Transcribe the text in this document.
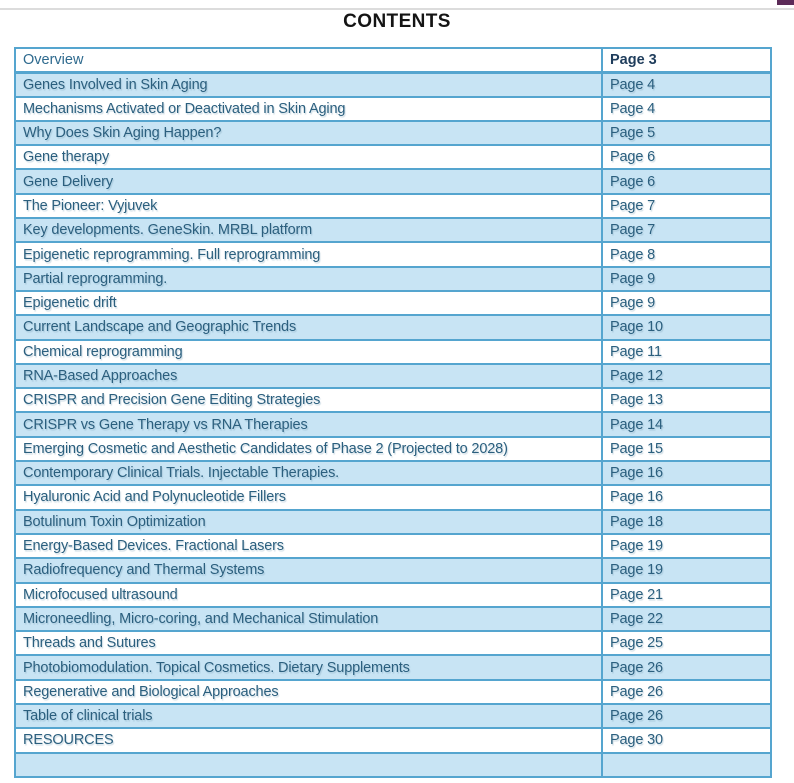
CONTENTS
Overview	Page 3
Genes Involved in Skin Aging	Page 4
Mechanisms Activated or Deactivated in Skin Aging	Page 4
Why Does Skin Aging Happen?	Page 5
Gene therapy	Page 6
Gene Delivery	Page 6
The Pioneer: Vyjuvek	Page 7
Key developments. GeneSkin. MRBL platform	Page 7
Epigenetic reprogramming. Full reprogramming	Page 8
Partial reprogramming.	Page 9
Epigenetic drift	Page 9
Current Landscape and Geographic Trends	Page 10
Chemical reprogramming	Page 11
RNA-Based Approaches	Page 12
CRISPR and Precision Gene Editing Strategies	Page 13
CRISPR vs Gene Therapy vs RNA Therapies	Page 14
Emerging Cosmetic and Aesthetic Candidates of Phase 2 (Projected to 2028)	Page 15
Contemporary Clinical Trials. Injectable Therapies.	Page 16
Hyaluronic Acid and Polynucleotide Fillers	Page 16
Botulinum Toxin Optimization	Page 18
Energy-Based Devices. Fractional Lasers	Page 19
Radiofrequency and Thermal Systems	Page 19
Microfocused ultrasound	Page 21
Microneedling, Micro-coring, and Mechanical Stimulation	Page 22
Threads and Sutures	Page 25
Photobiomodulation. Topical Cosmetics. Dietary Supplements	Page 26
Regenerative and Biological Approaches	Page 26
Table of clinical trials	Page 26
RESOURCES	Page 30
